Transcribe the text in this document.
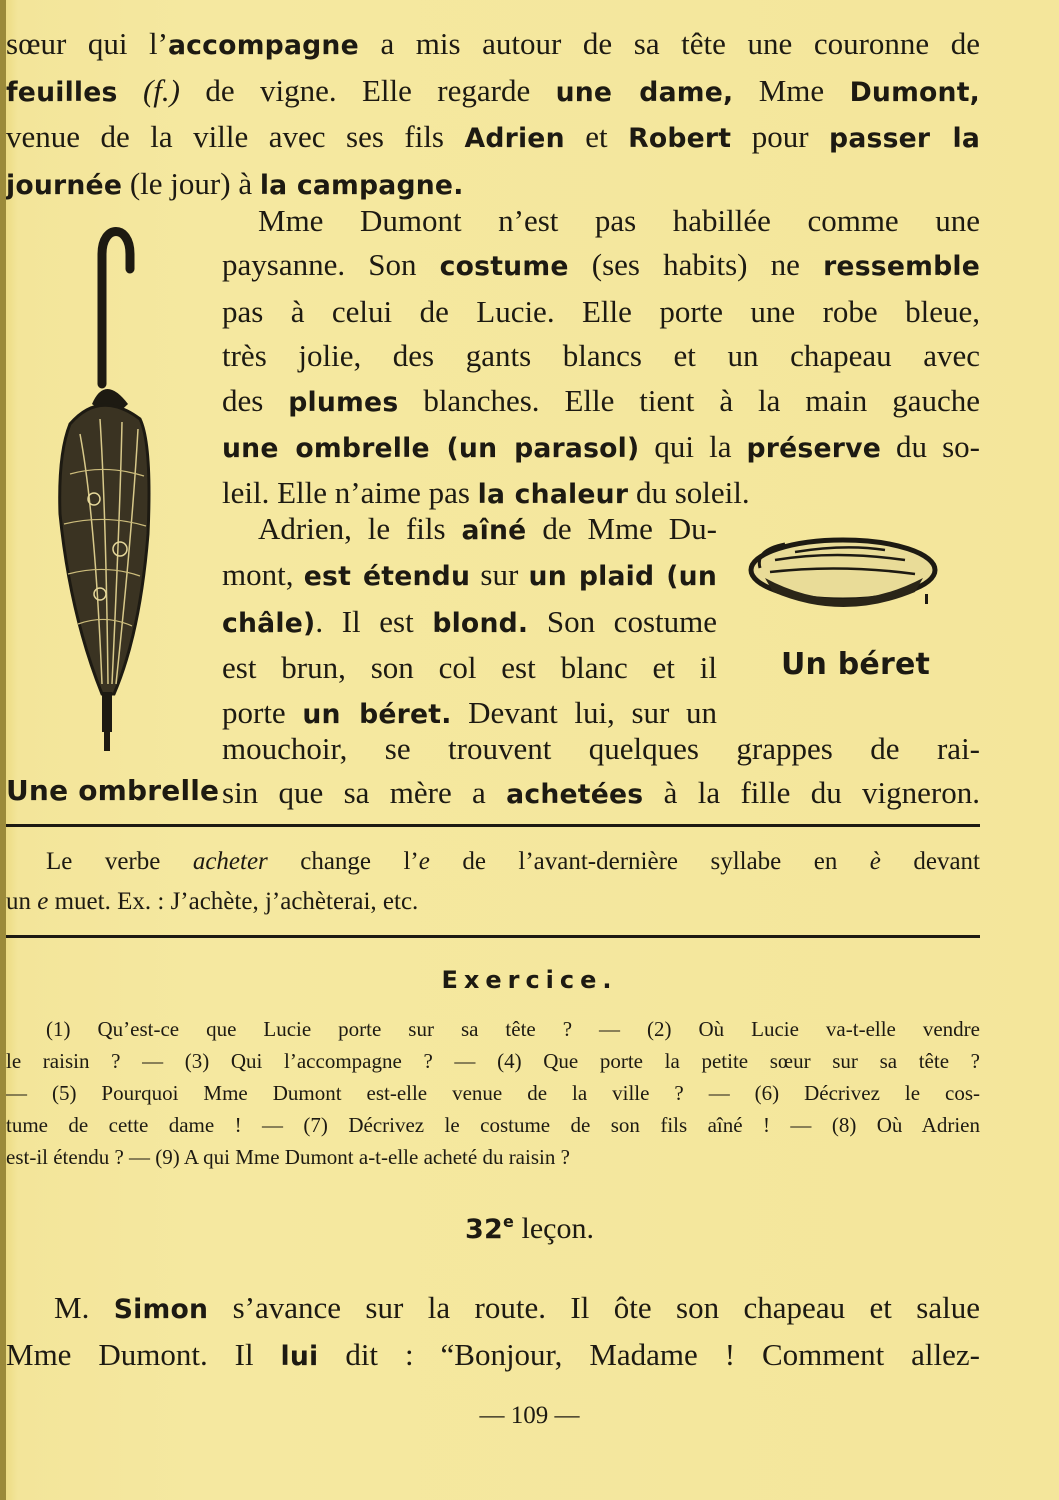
sœur qui l’accompagne a mis autour de sa tête une couronne de
feuilles (f.) de vigne. Elle regarde une dame, Mme Dumont,
venue de la ville avec ses fils Adrien et Robert pour passer la
journée (le jour) à la campagne.
Une ombrelle
Mme Dumont n’est pas habillée comme une
paysanne. Son costume (ses habits) ne ressemble
pas à celui de Lucie. Elle porte une robe bleue,
très jolie, des gants blancs et un chapeau avec
des plumes blanches. Elle tient à la main gauche
une ombrelle (un parasol) qui la préserve du so-
leil. Elle n’aime pas la chaleur du soleil.
Adrien, le fils aîné de Mme Du-
mont, est étendu sur un plaid (un
châle). Il est blond. Son costume
est brun, son col est blanc et il
porte un béret. Devant lui, sur un
mouchoir, se trouvent quelques grappes de rai-
sin que sa mère a achetées à la fille du vigneron.
Un béret
Le verbe acheter change l’e de l’avant-dernière syllabe en è devant
un e muet. Ex. : J’achète, j’achèterai, etc.
Exercice.
(1) Qu’est-ce que Lucie porte sur sa tête ? — (2) Où Lucie va-t-elle vendre
le raisin ? — (3) Qui l’accompagne ? — (4) Que porte la petite sœur sur sa tête ?
— (5) Pourquoi Mme Dumont est-elle venue de la ville ? — (6) Décrivez le cos-
tume de cette dame ! — (7) Décrivez le costume de son fils aîné ! — (8) Où Adrien
est-il étendu ? — (9) A qui Mme Dumont a-t-elle acheté du raisin ?
32e leçon.
M. Simon s’avance sur la route. Il ôte son chapeau et salue
Mme Dumont. Il lui dit : “Bonjour, Madame ! Comment allez-
— 109 —
